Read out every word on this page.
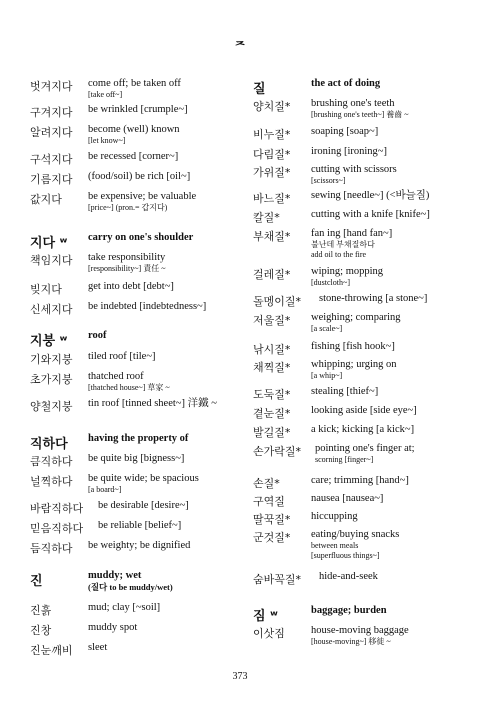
ᄌ
벗겨지다	come off; be taken off
[take off~]
구겨지다	be wrinkled [crumple~]
알려지다	become (well) known
[let know~]
구석지다	be recessed [corner~]
기름지다	(food/soil) be rich [oil~]
값지다	be expensive; be valuable
[price~] (pron.= 갑지다)
지다 ʷ	carry on one's shoulder
책임지다	take responsibility
[responsibility~] 責任 ~
빚지다	get into debt [debt~]
신세지다	be indebted [indebtedness~]
지붕 ʷ	roof
기와지붕	tiled roof [tile~]
초가지붕	thatched roof
[thatched house~] 草家 ~
양철지붕	tin roof [tinned sheet~] 洋鐵 ~
직하다	having the property of
큼직하다	be quite big [bigness~]
널찍하다	be quite wide; be spacious
[a board~]
바람직하다	be desirable [desire~]
믿음직하다	be reliable [belief~]
듬직하다	be weighty; be dignified
진	muddy; wet
(질다 to be muddy/wet)
진흙	mud; clay [~soil]
진창	muddy spot
진눈깨비	sleet
질	the act of doing
양치질*	brushing one's teeth
[brushing one's teeth~] 養齒 ~
비누질*	soaping [soap~]
다림질*	ironing [ironing~]
가위질*	cutting with scissors
[scissors~]
바느질*	sewing [needle~] (<바늘질)
칼질*	cutting with a knife [knife~]
부채질*	fan ing [hand fan~]
불난데 부채질하다
add oil to the fire
걸레질*	wiping; mopping
[dustcloth~]
돌멩이질*	stone-throwing [a stone~]
저울질*	weighing; comparing
[a scale~]
낚시질*	fishing [fish hook~]
채찍질*	whipping; urging on
[a whip~]
도둑질*	stealing [thief~]
곁눈질*	looking aside [side eye~]
발길질*	a kick; kicking [a kick~]
손가락질*	pointing one's finger at;
scorning [finger~]
손질*	care; trimming [hand~]
구역질	nausea [nausea~]
딸꾹질*	hiccupping
군것질*	eating/buying snacks
between meals
[superfluous things~]
숨바꼭질*	hide-and-seek
짐 ʷ	baggage; burden
이삿짐	house-moving baggage
[house-moving~] 移徙 ~
373
